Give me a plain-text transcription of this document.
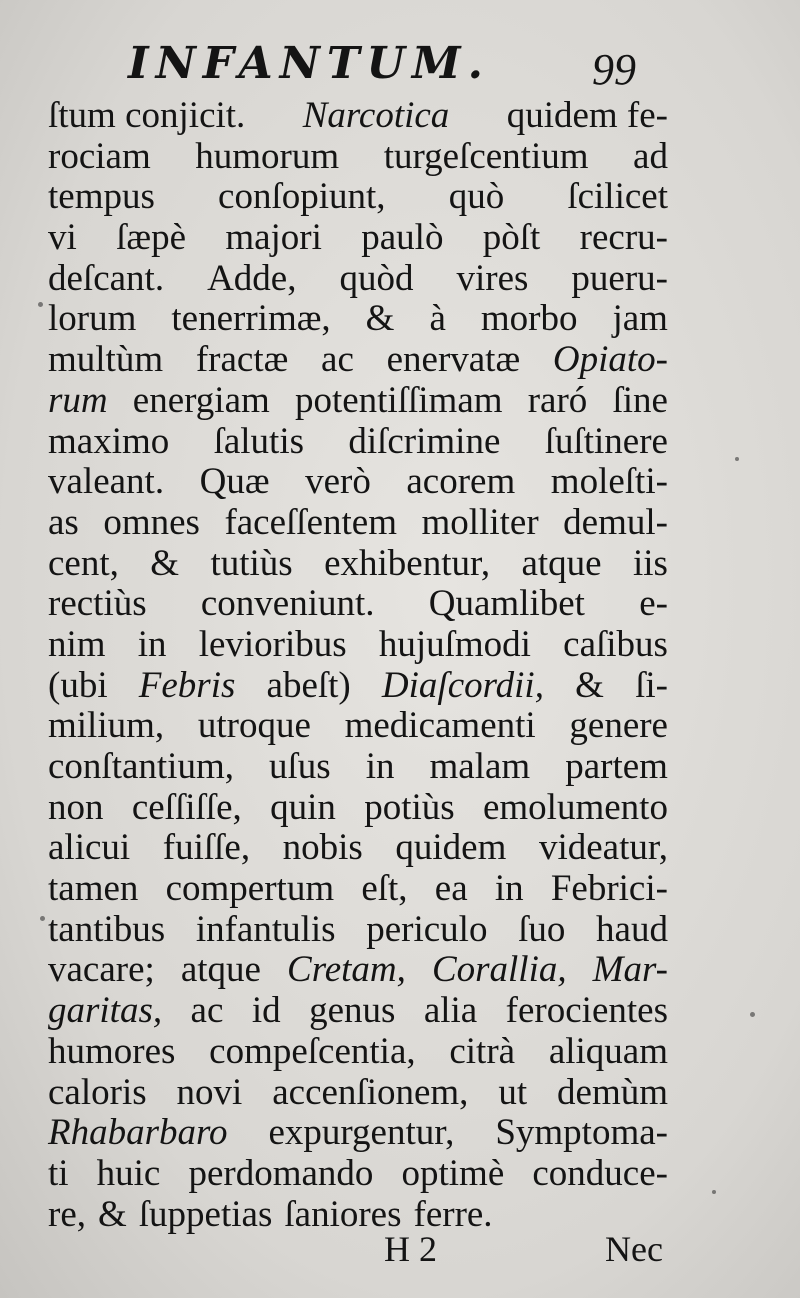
INFANTUM. 99
ſtum conjicit. Narcotica quidem fe-
rociam humorum turgeſcentium ad
tempus conſopiunt, quò ſcilicet
vi ſæpè majori paulò pòſt recru-
deſcant. Adde, quòd vires pueru-
lorum tenerrimæ, & à morbo jam
multùm fractæ ac enervatæ Opiato-
rum energiam potentiſſimam raró ſine
maximo ſalutis diſcrimine ſuſtinere
valeant. Quæ verò acorem moleſti-
as omnes faceſſentem molliter demul-
cent, & tutiùs exhibentur, atque iis
rectiùs conveniunt. Quamlibet e-
nim in levioribus hujuſmodi caſibus
(ubi Febris abeſt) Diaſcordii, & ſi-
milium, utroque medicamenti genere
conſtantium, uſus in malam partem
non ceſſiſſe, quin potiùs emolumento
alicui fuiſſe, nobis quidem videatur,
tamen compertum eſt, ea in Febrici-
tantibus infantulis periculo ſuo haud
vacare; atque Cretam, Corallia, Mar-
garitas, ac id genus alia ferocientes
humores compeſcentia, citrà aliquam
caloris novi accenſionem, ut demùm
Rhabarbaro expurgentur, Symptoma-
ti huic perdomando optimè conduce-
re, & ſuppetias ſaniores ferre.
H 2	Nec
